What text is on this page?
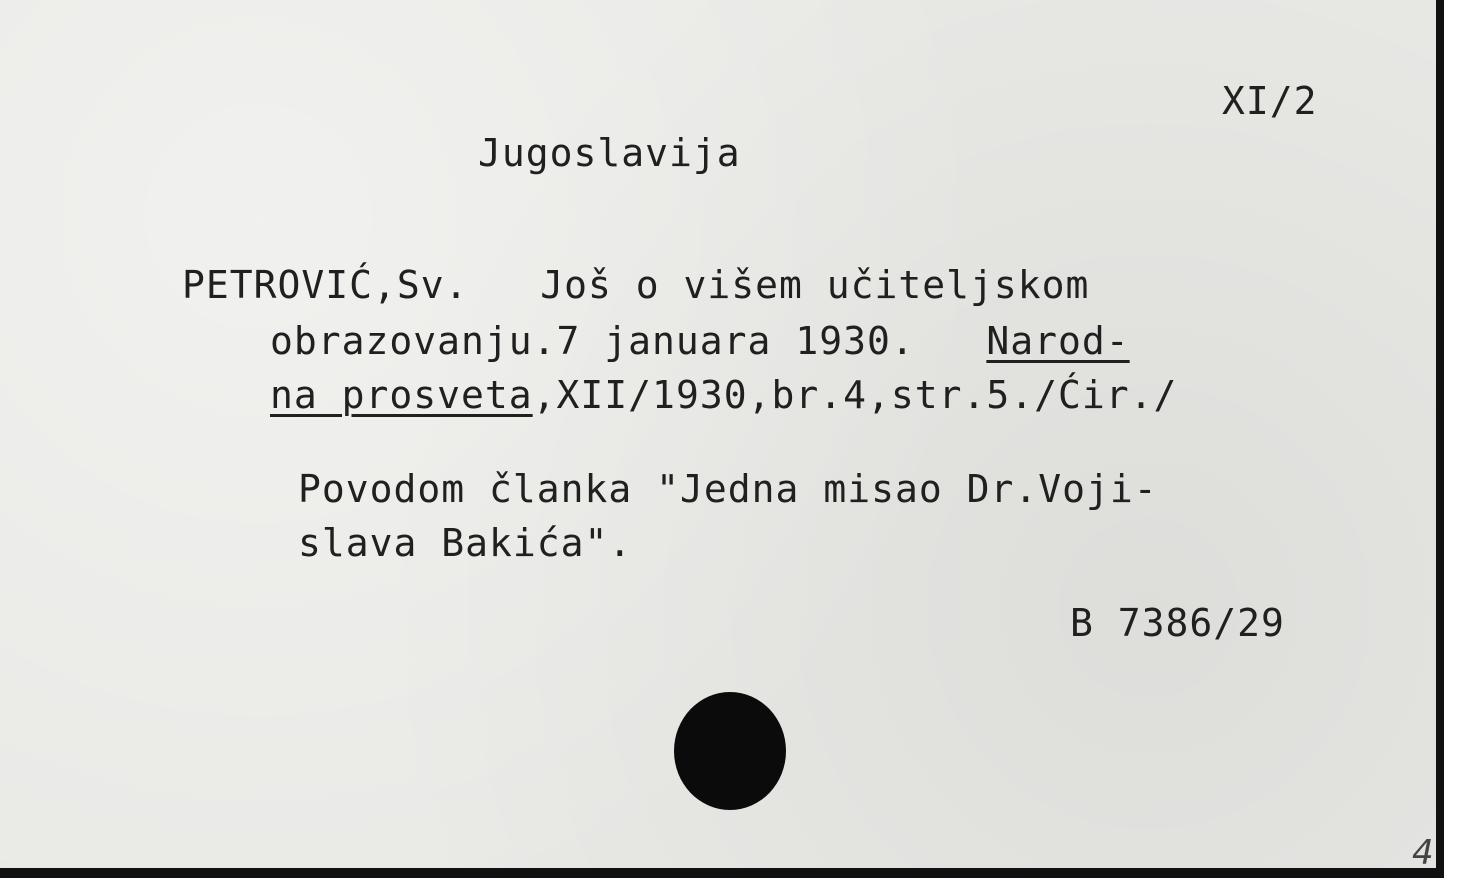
Jugoslavija
XI/2
PETROVIĆ,Sv. Još o višem učiteljskom
obrazovanju.7 januara 1930. Narod-
na prosveta,XII/1930,br.4,str.5./Ćir./
Povodom članka "Jedna misao Dr.Voji-
slava Bakića".
B 7386/29
4
